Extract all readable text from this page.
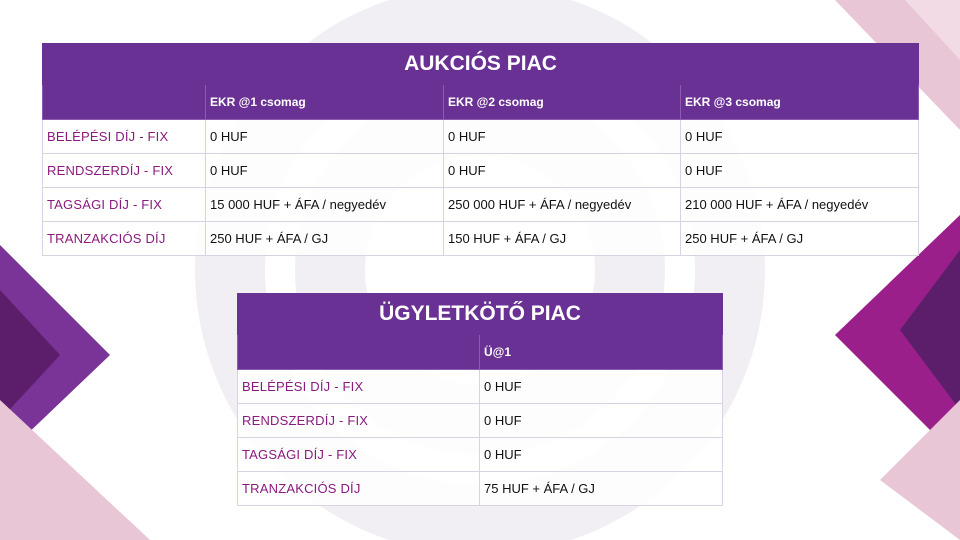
AUKCIÓS PIAC			
	EKR @1 csomag	EKR @2 csomag	EKR @3 csomag
BELÉPÉSI DÍJ - FIX	0 HUF	0 HUF	0 HUF
RENDSZERDÍJ - FIX	0 HUF	0 HUF	0 HUF
TAGSÁGI DÍJ - FIX	15 000 HUF + ÁFA / negyedév	250 000 HUF + ÁFA / negyedév	210 000 HUF + ÁFA / negyedév
TRANZAKCIÓS DÍJ	250 HUF + ÁFA / GJ	150 HUF + ÁFA / GJ	250 HUF + ÁFA / GJ
ÜGYLETKÖTŐ PIAC	
	Ü@1
BELÉPÉSI DÍJ - FIX	0 HUF
RENDSZERDÍJ - FIX	0 HUF
TAGSÁGI DÍJ - FIX	0 HUF
TRANZAKCIÓS DÍJ	75 HUF + ÁFA / GJ
